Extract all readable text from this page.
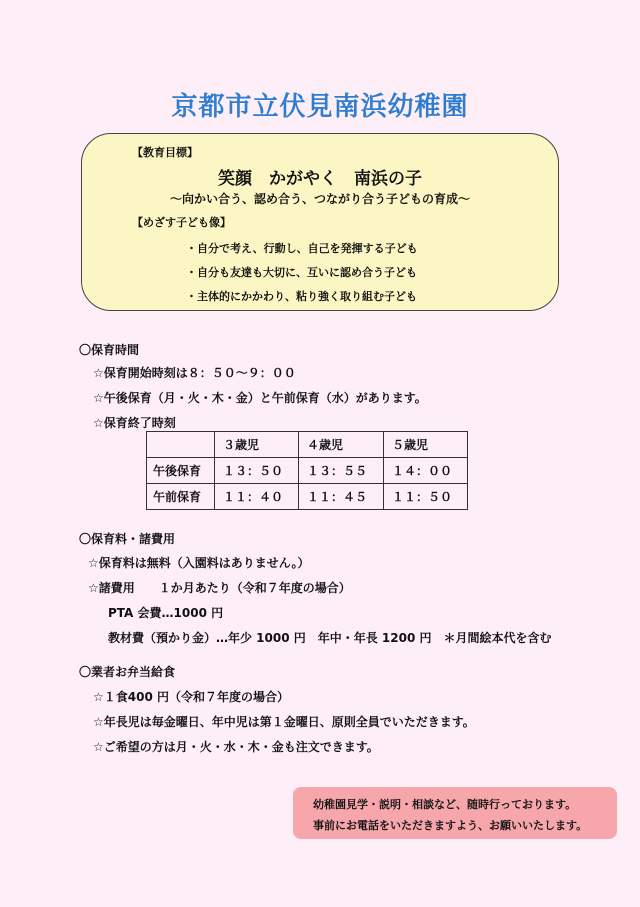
京都市立伏見南浜幼稚園
【教育目標】
笑顔　かがやく　南浜の子
～向かい合う、認め合う、つながり合う子どもの育成～
【めざす子ども像】
・自分で考え、行動し、自己を発揮する子ども
・自分も友達も大切に、互いに認め合う子ども
・主体的にかかわり、粘り強く取り組む子ども
〇保育時間
☆保育開始時刻は８：５０～９：００
☆午後保育（月・火・木・金）と午前保育（水）があります。
☆保育終了時刻
	３歳児	４歳児	５歳児
午後保育	１３：５０	１３：５５	１４：００
午前保育	１１：４０	１１：４５	１１：５０
〇保育料・諸費用
☆保育料は無料（入園料はありません。）
☆諸費用　　１か月あたり（令和７年度の場合）
PTA 会費…1000 円
教材費（預かり金）…年少 1000 円　年中・年長 1200 円　＊月間絵本代を含む
〇業者お弁当給食
☆１食400 円（令和７年度の場合）
☆年長児は毎金曜日、年中児は第１金曜日、原則全員でいただきます。
☆ご希望の方は月・火・水・木・金も注文できます。
幼稚園見学・説明・相談など、随時行っております。
事前にお電話をいただきますよう、お願いいたします。
